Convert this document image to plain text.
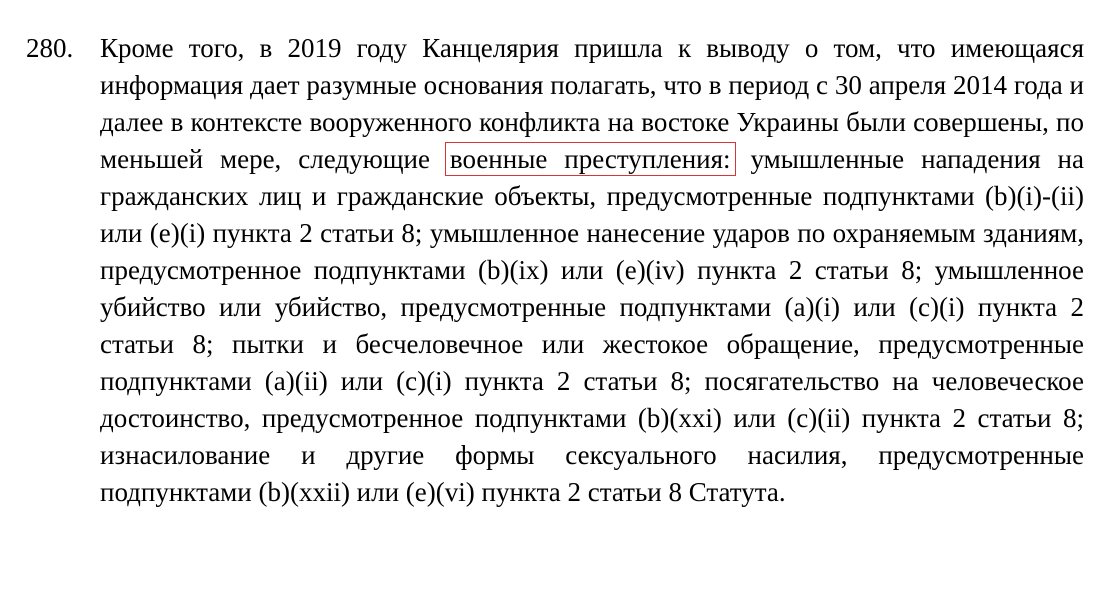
280. Кроме того, в 2019 году Канцелярия пришла к выводу о том, что имеющаяся информация дает разумные основания полагать, что в период с 30 апреля 2014 года и далее в контексте вооруженного конфликта на востоке Украины были совершены, по меньшей мере, следующие военные преступления: умышленные нападения на гражданских лиц и гражданские объекты, предусмотренные подпунктами (b)(i)-(ii) или (e)(i) пункта 2 статьи 8; умышленное нанесение ударов по охраняемым зданиям, предусмотренное подпунктами (b)(ix) или (e)(iv) пункта 2 статьи 8; умышленное убийство или убийство, предусмотренные подпунктами (a)(i) или (c)(i) пункта 2 статьи 8; пытки и бесчеловечное или жестокое обращение, предусмотренные подпунктами (a)(ii) или (c)(i) пункта 2 статьи 8; посягательство на человеческое достоинство, предусмотренное подпунктами (b)(xxi) или (c)(ii) пункта 2 статьи 8; изнасилование и другие формы сексуального насилия, предусмотренные подпунктами (b)(xxii) или (e)(vi) пункта 2 статьи 8 Статута.
